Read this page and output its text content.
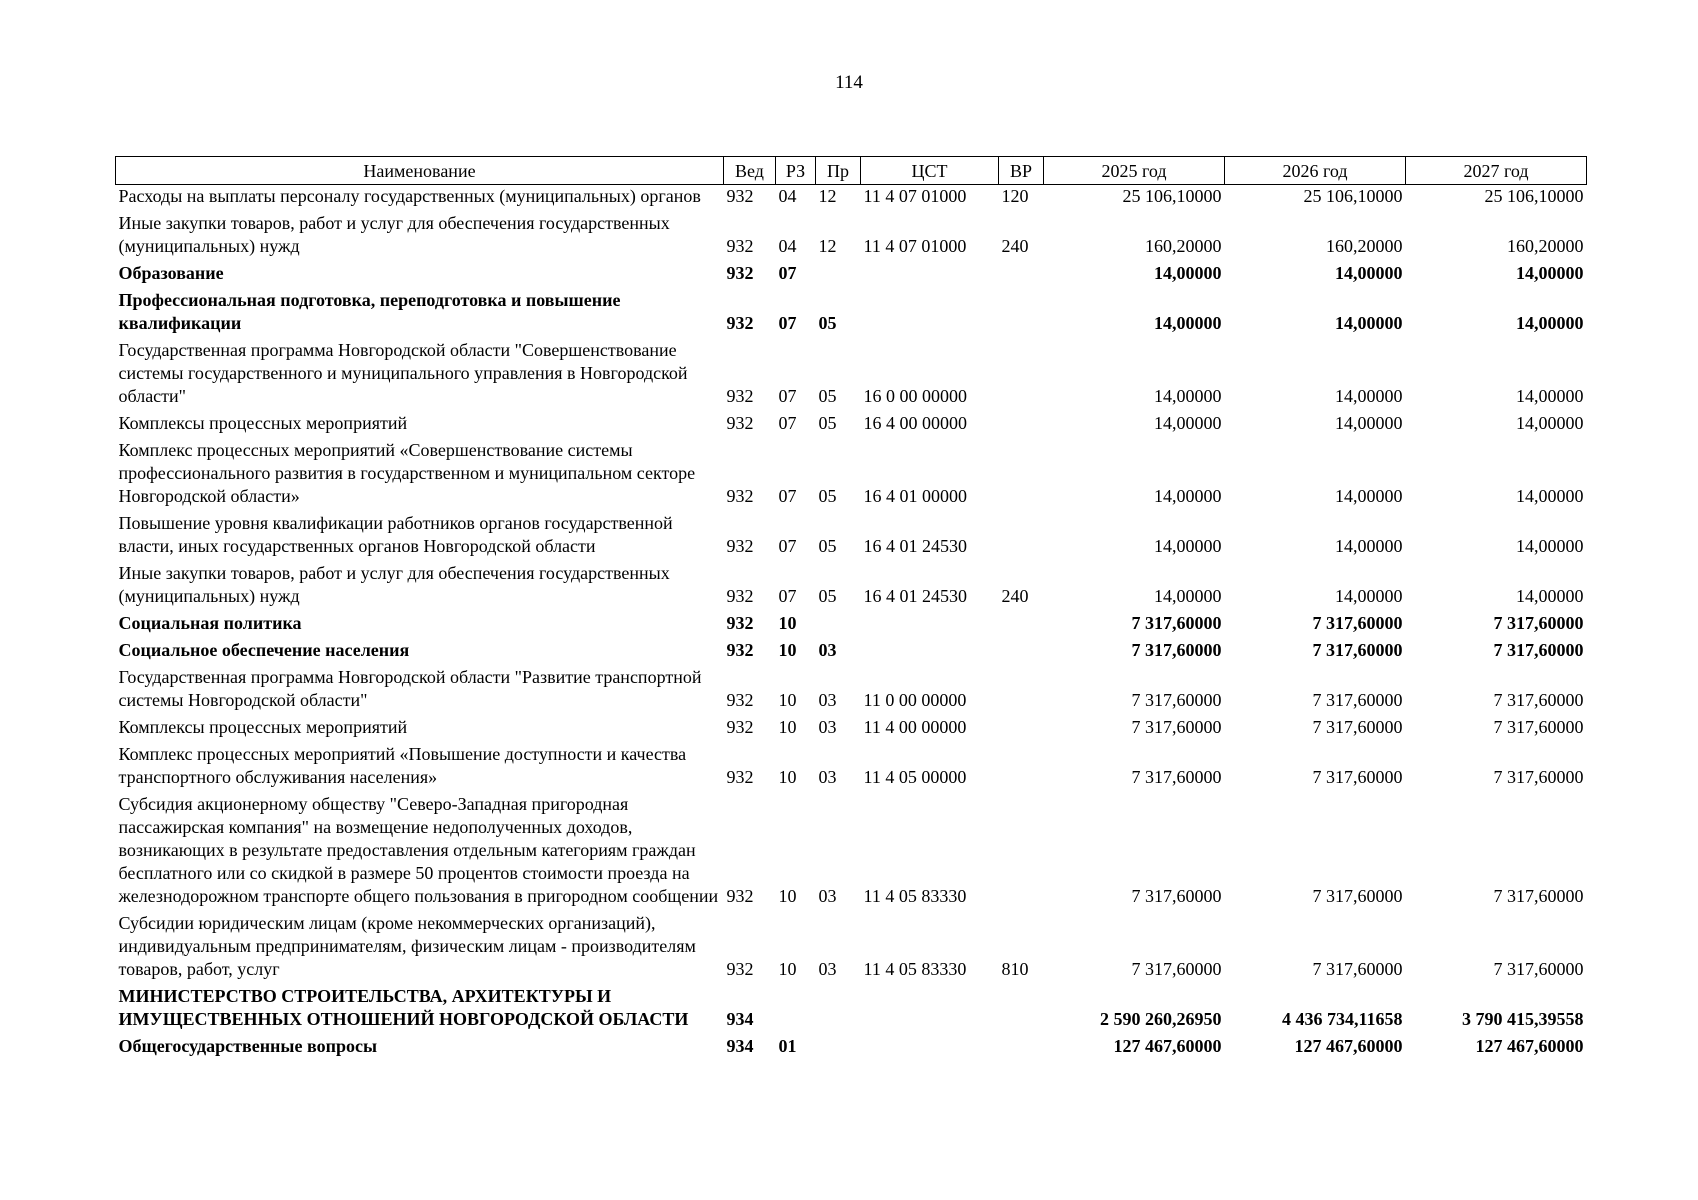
114
Наименование	Вед	РЗ	Пр	ЦСТ	ВР	2025 год	2026 год	2027 год
Расходы на выплаты персоналу государственных (муниципальных) органов	932	04	12	11 4 07 01000	120	25 106,10000	25 106,10000	25 106,10000
Иные закупки товаров, работ и услуг для обеспечения государственных (муниципальных) нужд	932	04	12	11 4 07 01000	240	160,20000	160,20000	160,20000
Образование	932	07				14,00000	14,00000	14,00000
Профессиональная подготовка, переподготовка и повышение квалификации	932	07	05			14,00000	14,00000	14,00000
Государственная программа Новгородской области "Совершенствование системы государственного и муниципального управления в Новгородской области"	932	07	05	16 0 00 00000		14,00000	14,00000	14,00000
Комплексы процессных мероприятий	932	07	05	16 4 00 00000		14,00000	14,00000	14,00000
Комплекс процессных мероприятий «Совершенствование системы профессионального развития в государственном и муниципальном секторе Новгородской области»	932	07	05	16 4 01 00000		14,00000	14,00000	14,00000
Повышение уровня квалификации работников органов государственной власти, иных государственных органов Новгородской области	932	07	05	16 4 01 24530		14,00000	14,00000	14,00000
Иные закупки товаров, работ и услуг для обеспечения государственных (муниципальных) нужд	932	07	05	16 4 01 24530	240	14,00000	14,00000	14,00000
Социальная политика	932	10				7 317,60000	7 317,60000	7 317,60000
Социальное обеспечение населения	932	10	03			7 317,60000	7 317,60000	7 317,60000
Государственная программа Новгородской области "Развитие транспортной системы Новгородской области"	932	10	03	11 0 00 00000		7 317,60000	7 317,60000	7 317,60000
Комплексы процессных мероприятий	932	10	03	11 4 00 00000		7 317,60000	7 317,60000	7 317,60000
Комплекс процессных мероприятий «Повышение доступности и качества транспортного обслуживания населения»	932	10	03	11 4 05 00000		7 317,60000	7 317,60000	7 317,60000
Субсидия акционерному обществу "Северо-Западная пригородная пассажирская компания" на возмещение недополученных доходов, возникающих в результате предоставления отдельным категориям граждан бесплатного или со скидкой в размере 50 процентов стоимости проезда на железнодорожном транспорте общего пользования в пригородном сообщении	932	10	03	11 4 05 83330		7 317,60000	7 317,60000	7 317,60000
Субсидии юридическим лицам (кроме некоммерческих организаций), индивидуальным предпринимателям, физическим лицам - производителям товаров, работ, услуг	932	10	03	11 4 05 83330	810	7 317,60000	7 317,60000	7 317,60000
МИНИСТЕРСТВО СТРОИТЕЛЬСТВА, АРХИТЕКТУРЫ И ИМУЩЕСТВЕННЫХ ОТНОШЕНИЙ НОВГОРОДСКОЙ ОБЛАСТИ	934					2 590 260,26950	4 436 734,11658	3 790 415,39558
Общегосударственные вопросы	934	01				127 467,60000	127 467,60000	127 467,60000
